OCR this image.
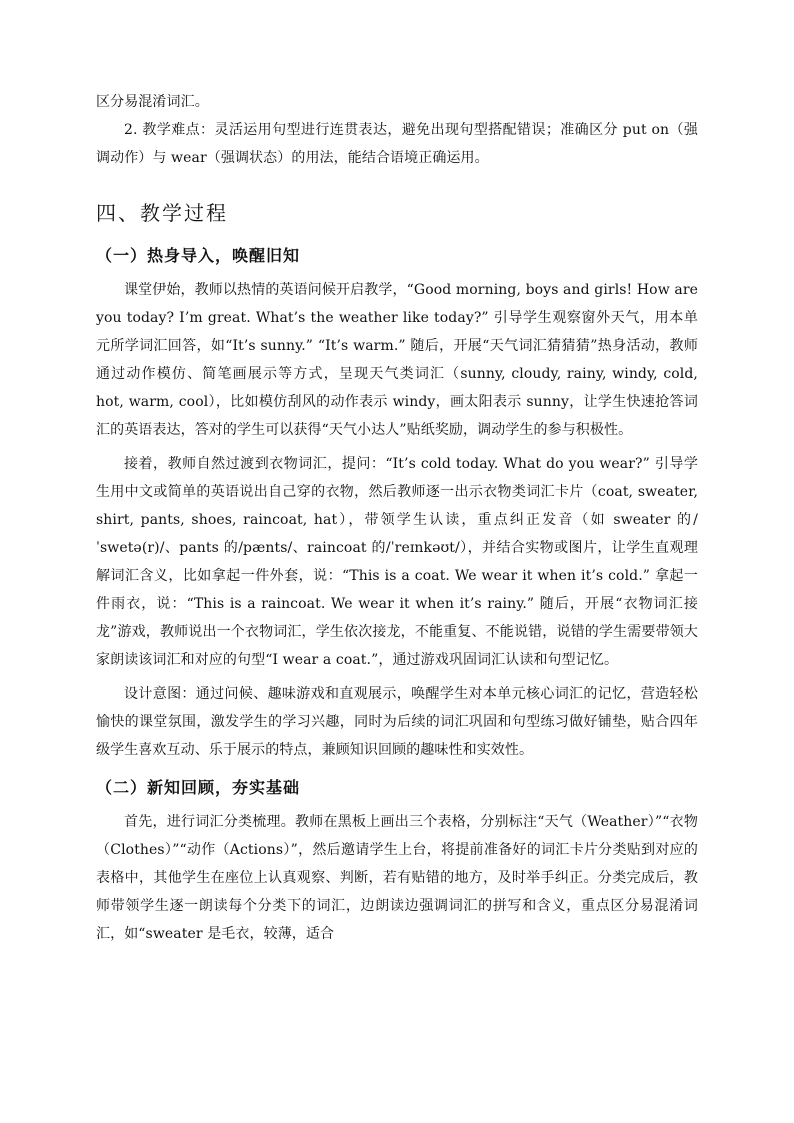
区分易混淆词汇。

2. 教学难点：灵活运用句型进行连贯表达，避免出现句型搭配错误；准确区分 put on（强调动作）与 wear（强调状态）的用法，能结合语境正确运用。

四、教学过程
（一）热身导入，唤醒旧知

课堂伊始，教师以热情的英语问候开启教学，“Good morning, boys and girls! How are you today? I’m great. What’s the weather like today?” 引导学生观察窗外天气，用本单元所学词汇回答，如“It’s sunny.” “It’s warm.” 随后，开展“天气词汇猜猜猜”热身活动，教师通过动作模仿、简笔画展示等方式，呈现天气类词汇（sunny, cloudy, rainy, windy, cold, hot, warm, cool），比如模仿刮风的动作表示 windy，画太阳表示 sunny，让学生快速抢答词汇的英语表达，答对的学生可以获得“天气小达人”贴纸奖励，调动学生的参与积极性。

接着，教师自然过渡到衣物词汇，提问：“It’s cold today. What do you wear?” 引导学生用中文或简单的英语说出自己穿的衣物，然后教师逐一出示衣物类词汇卡片（coat, sweater, shirt, pants, shoes, raincoat, hat），带领学生认读，重点纠正发音（如 sweater 的/ˈswetə(r)/、pants 的/pænts/、raincoat 的/ˈreɪnkəʊt/），并结合实物或图片，让学生直观理解词汇含义，比如拿起一件外套，说：“This is a coat. We wear it when it’s cold.” 拿起一件雨衣，说：“This is a raincoat. We wear it when it’s rainy.” 随后，开展“衣物词汇接龙”游戏，教师说出一个衣物词汇，学生依次接龙，不能重复、不能说错，说错的学生需要带领大家朗读该词汇和对应的句型“I wear a coat.”，通过游戏巩固词汇认读和句型记忆。

设计意图：通过问候、趣味游戏和直观展示，唤醒学生对本单元核心词汇的记忆，营造轻松愉快的课堂氛围，激发学生的学习兴趣，同时为后续的词汇巩固和句型练习做好铺垫，贴合四年级学生喜欢互动、乐于展示的特点，兼顾知识回顾的趣味性和实效性。

（二）新知回顾，夯实基础

首先，进行词汇分类梳理。教师在黑板上画出三个表格，分别标注“天气（Weather）”“衣物（Clothes）”“动作（Actions）”，然后邀请学生上台，将提前准备好的词汇卡片分类贴到对应的表格中，其他学生在座位上认真观察、判断，若有贴错的地方，及时举手纠正。分类完成后，教师带领学生逐一朗读每个分类下的词汇，边朗读边强调词汇的拼写和含义，重点区分易混淆词汇，如“sweater 是毛衣，较薄，适合
